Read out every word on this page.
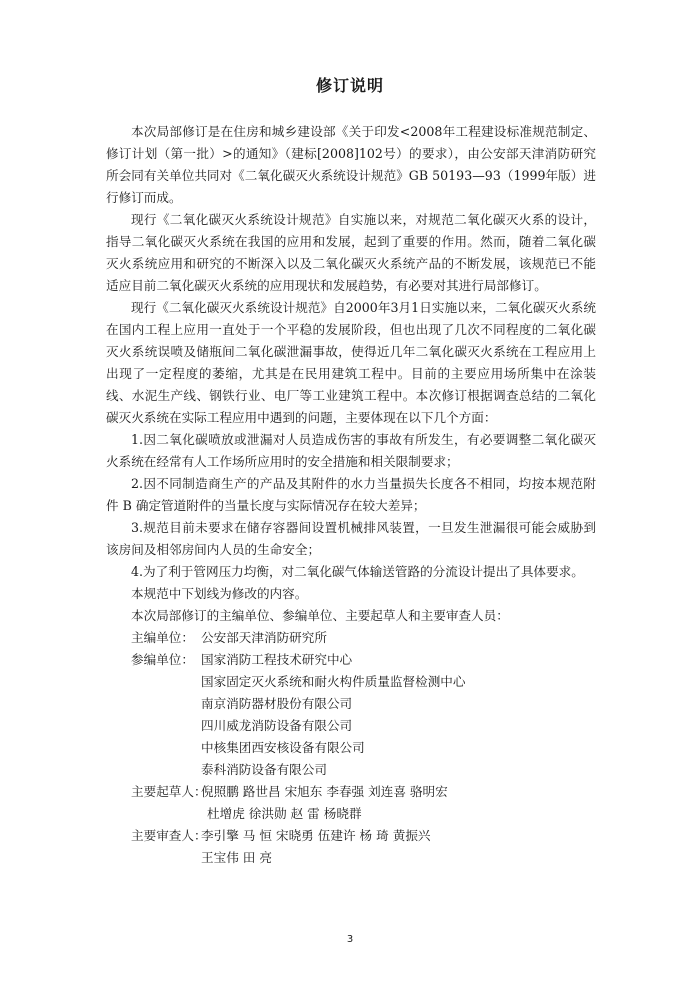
修订说明

本次局部修订是在住房和城乡建设部《关于印发<2008年工程建设标准规范制定、修订计划（第一批）>的通知》（建标[2008]102号）的要求），由公安部天津消防研究所会同有关单位共同对《二氧化碳灭火系统设计规范》GB 50193—93（1999年版）进行修订而成。

现行《二氧化碳灭火系统设计规范》自实施以来，对规范二氧化碳灭火系的设计，指导二氧化碳灭火系统在我国的应用和发展，起到了重要的作用。然而，随着二氧化碳灭火系统应用和研究的不断深入以及二氧化碳灭火系统产品的不断发展，该规范已不能适应目前二氧化碳灭火系统的应用现状和发展趋势，有必要对其进行局部修订。

现行《二氧化碳灭火系统设计规范》自2000年3月1日实施以来，二氧化碳灭火系统在国内工程上应用一直处于一个平稳的发展阶段，但也出现了几次不同程度的二氧化碳灭火系统误喷及储瓶间二氧化碳泄漏事故，使得近几年二氧化碳灭火系统在工程应用上出现了一定程度的萎缩，尤其是在民用建筑工程中。目前的主要应用场所集中在涂装线、水泥生产线、钢铁行业、电厂等工业建筑工程中。本次修订根据调查总结的二氧化碳灭火系统在实际工程应用中遇到的问题，主要体现在以下几个方面：

1.因二氧化碳喷放或泄漏对人员造成伤害的事故有所发生，有必要调整二氧化碳灭火系统在经常有人工作场所应用时的安全措施和相关限制要求；

2.因不同制造商生产的产品及其附件的水力当量损失长度各不相同，均按本规范附件 B 确定管道附件的当量长度与实际情况存在较大差异；

3.规范目前未要求在储存容器间设置机械排风装置，一旦发生泄漏很可能会威胁到该房间及相邻房间内人员的生命安全；

4.为了利于管网压力均衡，对二氧化碳气体输送管路的分流设计提出了具体要求。

本规范中下划线为修改的内容。

本次局部修订的主编单位、参编单位、主要起草人和主要审查人员：

主编单位： 公安部天津消防研究所
参编单位： 国家消防工程技术研究中心
国家固定灭火系统和耐火构件质量监督检测中心
南京消防器材股份有限公司
四川威龙消防设备有限公司
中核集团西安核设备有限公司
泰科消防设备有限公司
主要起草人：
倪照鹏 路世昌 宋旭东 李春强 刘连喜 骆明宏
杜增虎 徐洪勋 赵 雷 杨晓群
主要审查人：
李引擎 马 恒 宋晓勇 伍建许 杨 琦 黄振兴
王宝伟 田 亮
3
